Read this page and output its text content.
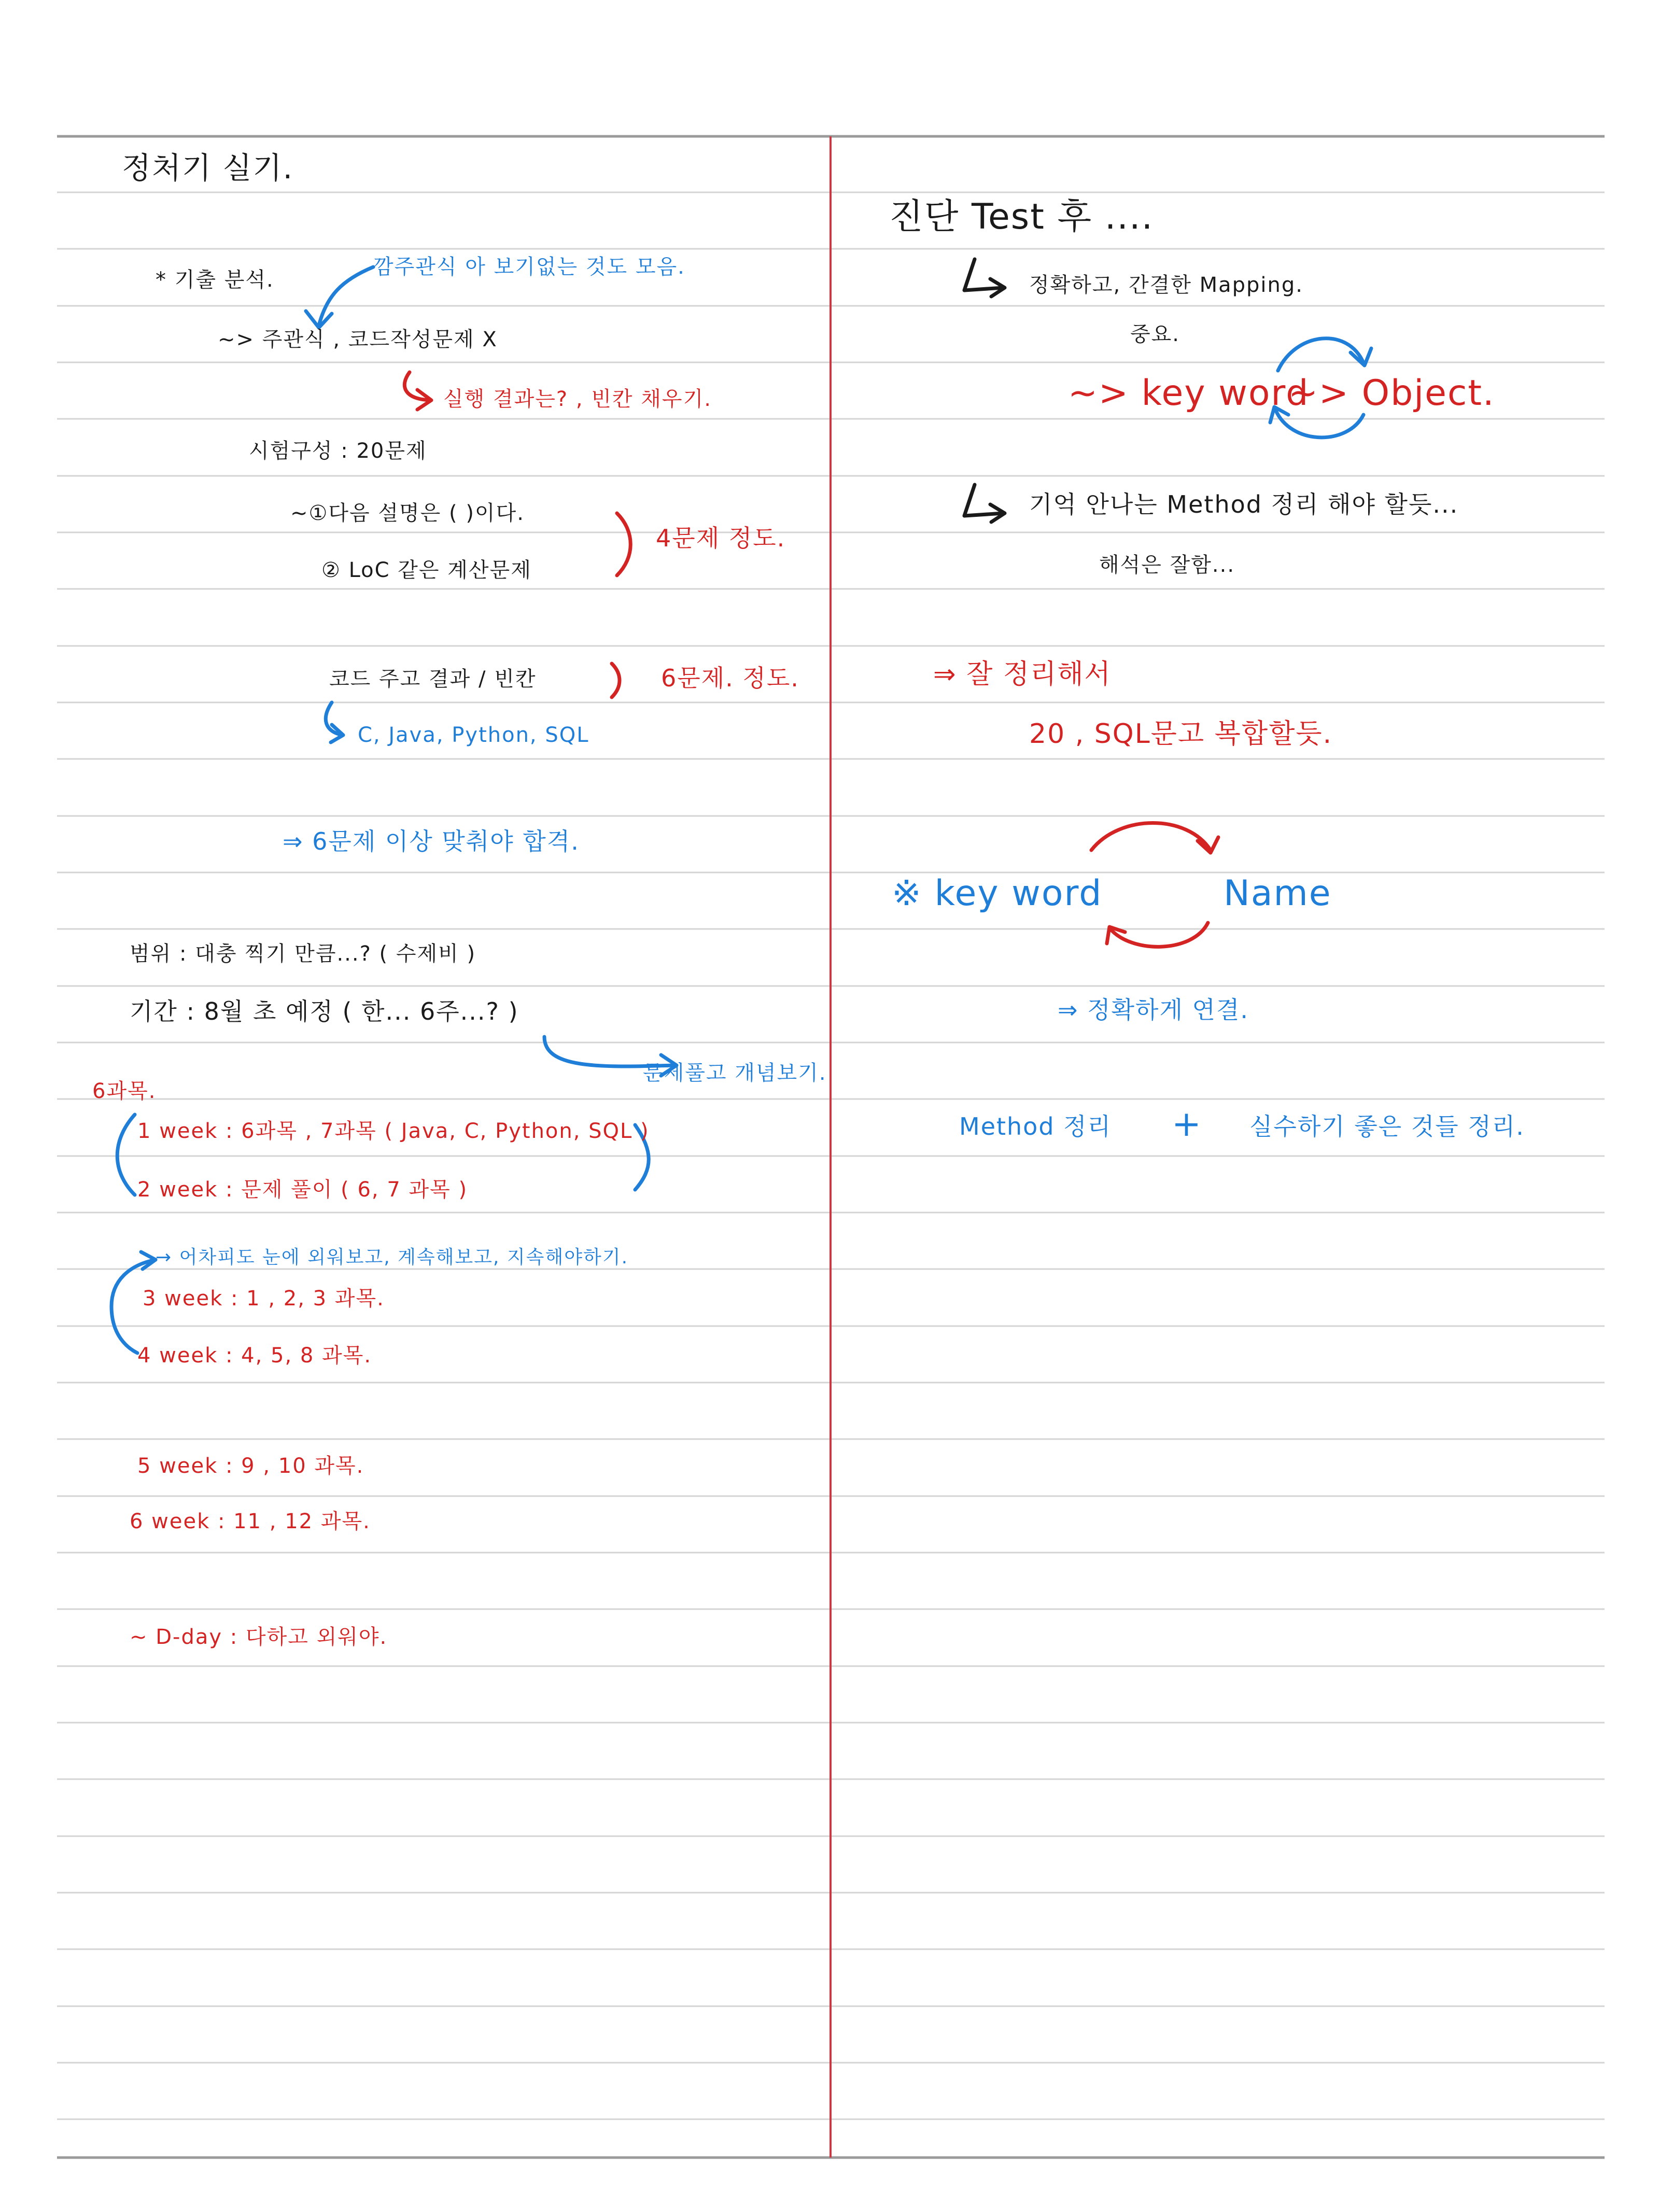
정처기 실기.
* 기출 분석.
깜주관식 아 보기없는 것도 모음.
~> 주관식 , 코드작성문제 X
실행 결과는? , 빈칸 채우기.
시험구성 : 20문제
~①다음 설명은 ( )이다.
② LoC 같은 계산문제
4문제 정도.
코드 주고 결과 / 빈칸	6문제. 정도.
C, Java, Python, SQL
⇒ 6문제 이상 맞춰야 합격.
범위 : 대충 찍기 만큼...? ( 수제비 )
기간 : 8월 초 예정 ( 한... 6주...? )
문제풀고 개념보기.
6과목.
1 week : 6과목 , 7과목 ( Java, C, Python, SQL )
2 week : 문제 풀이 ( 6, 7 과목 )
→ 어차피도 눈에 외워보고, 계속해보고, 지속해야하기.
3 week : 1 , 2, 3 과목.
4 week : 4, 5, 8 과목.
5 week : 9 , 10 과목.
6 week : 11 , 12 과목.
~ D-day : 다하고 외워야.
진단 Test 후 ....
정확하고, 간결한 Mapping.
중요.
~> key word
~> Object.
기억 안나는 Method 정리 해야 할듯...
해석은 잘함...
⇒ 잘 정리해서
20 , SQL문고 복합할듯.
※ key word	Name
⇒ 정확하게 연결.
Method 정리 + 실수하기 좋은 것들 정리.
